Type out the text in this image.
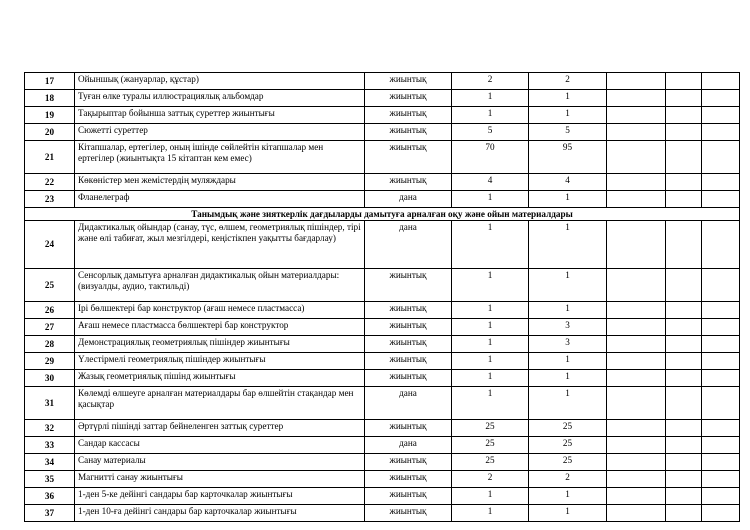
17	Ойыншық (жануарлар, құстар)	жиынтық	2	2			
18	Туған өлке туралы иллюстрациялық альбомдар	жиынтық	1	1			
19	Тақырыптар бойынша заттық суреттер жиынтығы	жиынтық	1	1			
20	Сюжетті суреттер	жиынтық	5	5			
21	Кітапшалар, ертегілер, оның ішінде сөйлейтін кітапшалар мен ертегілер (жиынтықта 15 кітаптан кем емес)	жиынтық	70	95			
22	Көкөністер мен жемістердің муляждары	жиынтық	4	4			
23	Фланелеграф	дана	1	1			
Танымдық және зияткерлік дағдыларды дамытуға арналған оқу және ойын материалдары							
24	Дидактикалық ойындар (санау, түс, өлшем, геометриялық пішіндер, тірі және өлі табиғат, жыл мезгілдері, кеңістікпен уақытты бағдарлау)	дана	1	1			
25	Сенсорлық дамытуға арналған дидактикалық ойын материалдары: (визуалды, аудио, тактильді)	жиынтық	1	1			
26	Ірі бөлшектері бар конструктор (ағаш немесе пластмасса)	жиынтық	1	1			
27	Ағаш немесе пластмасса бөлшектері бар конструктор	жиынтық	1	3			
28	Демонстрациялық геометриялық пішіндер жиынтығы	жиынтық	1	3			
29	Үлестірмелі геометриялық пішіндер жиынтығы	жиынтық	1	1			
30	Жазық геометриялық пішінд жиынтығы	жиынтық	1	1			
31	Көлемді өлшеуге арналған материалдары бар өлшейтін стақандар мен қасықтар	дана	1	1			
32	Әртүрлі пішінді заттар бейнеленген заттық суреттер	жиынтық	25	25			
33	Сандар кассасы	дана	25	25			
34	Санау материалы	жиынтық	25	25			
35	Магнитті санау жиынтығы	жиынтық	2	2			
36	1-ден 5-ке дейінгі сандары бар карточкалар жиынтығы	жиынтық	1	1			
37	1-ден 10-ға дейінгі сандары бар карточкалар жиынтығы	жиынтық	1	1			
